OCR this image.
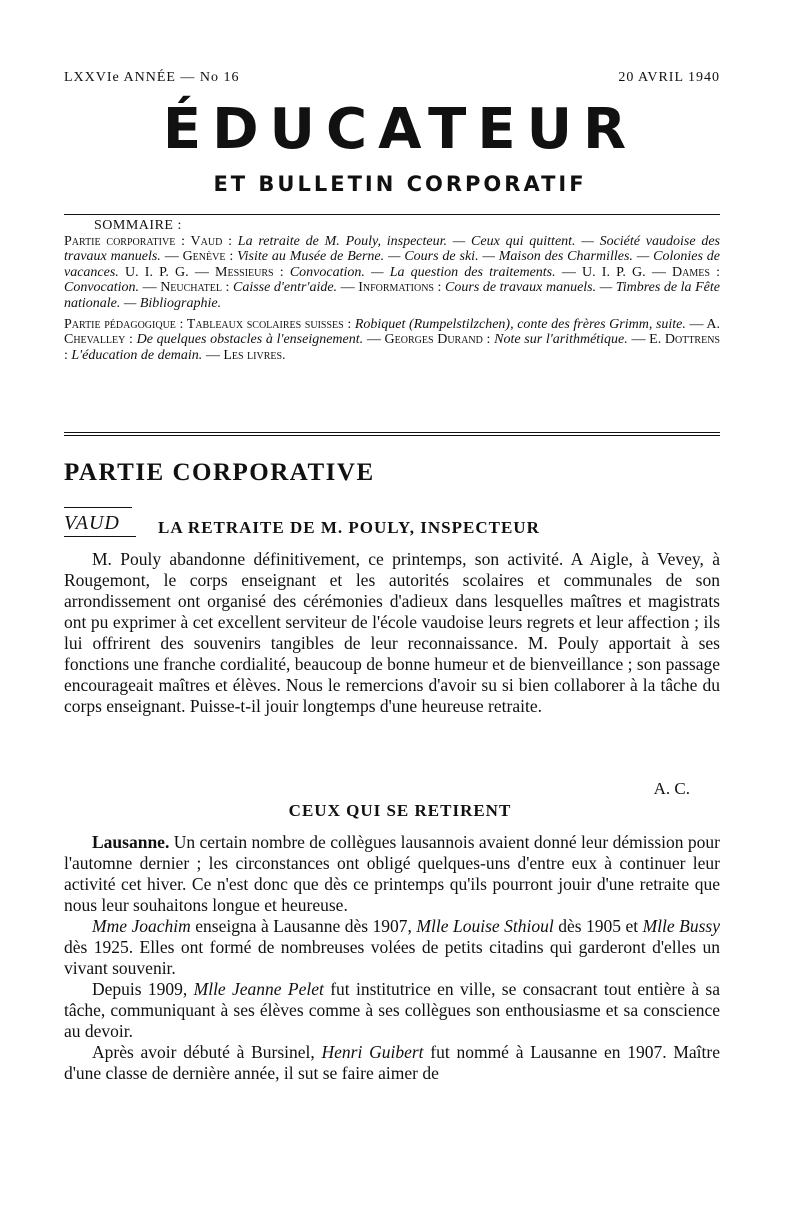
LXXVIe ANNÉE — No 16	20 AVRIL 1940
ÉDUCATEUR
ET BULLETIN CORPORATIF
SOMMAIRE :

Partie corporative : Vaud : La retraite de M. Pouly, inspecteur. — Ceux qui quittent. — Société vaudoise des travaux manuels. — Genève : Visite au Musée de Berne. — Cours de ski. — Maison des Charmilles. — Colonies de vacances. U. I. P. G. — Messieurs : Convocation. — La question des traitements. — U. I. P. G. — Dames : Convocation. — Neuchatel : Caisse d'entr'aide. — Informations : Cours de travaux manuels. — Timbres de la Fête nationale. — Bibliographie.

Partie pédagogique : Tableaux scolaires suisses : Robiquet (Rumpelstilzchen), conte des frères Grimm, suite. — A. Chevalley : De quelques obstacles à l'enseignement. — Georges Durand : Note sur l'arithmétique. — E. Dottrens : L'éducation de demain. — Les livres.

PARTIE CORPORATIVE
VAUD	LA RETRAITE DE M. POULY, INSPECTEUR

M. Pouly abandonne définitivement, ce printemps, son activité. A Aigle, à Vevey, à Rougemont, le corps enseignant et les autorités scolaires et communales de son arrondissement ont organisé des cérémonies d'adieux dans lesquelles maîtres et magistrats ont pu exprimer à cet excellent serviteur de l'école vaudoise leurs regrets et leur affection ; ils lui offrirent des souvenirs tangibles de leur reconnaissance. M. Pouly apportait à ses fonctions une franche cordialité, beaucoup de bonne humeur et de bienveillance ; son passage encourageait maîtres et élèves. Nous le remercions d'avoir su si bien collaborer à la tâche du corps enseignant. Puisse-t-il jouir longtemps d'une heureuse retraite.

A. C.
CEUX QUI SE RETIRENT

Lausanne. Un certain nombre de collègues lausannois avaient donné leur démission pour l'automne dernier ; les circonstances ont obligé quelques-uns d'entre eux à continuer leur activité cet hiver. Ce n'est donc que dès ce printemps qu'ils pourront jouir d'une retraite que nous leur souhaitons longue et heureuse.

Mme Joachim enseigna à Lausanne dès 1907, Mlle Louise Sthioul dès 1905 et Mlle Bussy dès 1925. Elles ont formé de nombreuses volées de petits citadins qui garderont d'elles un vivant souvenir.

Depuis 1909, Mlle Jeanne Pelet fut institutrice en ville, se consacrant tout entière à sa tâche, communiquant à ses élèves comme à ses collègues son enthousiasme et sa conscience au devoir.

Après avoir débuté à Bursinel, Henri Guibert fut nommé à Lausanne en 1907. Maître d'une classe de dernière année, il sut se faire aimer de
